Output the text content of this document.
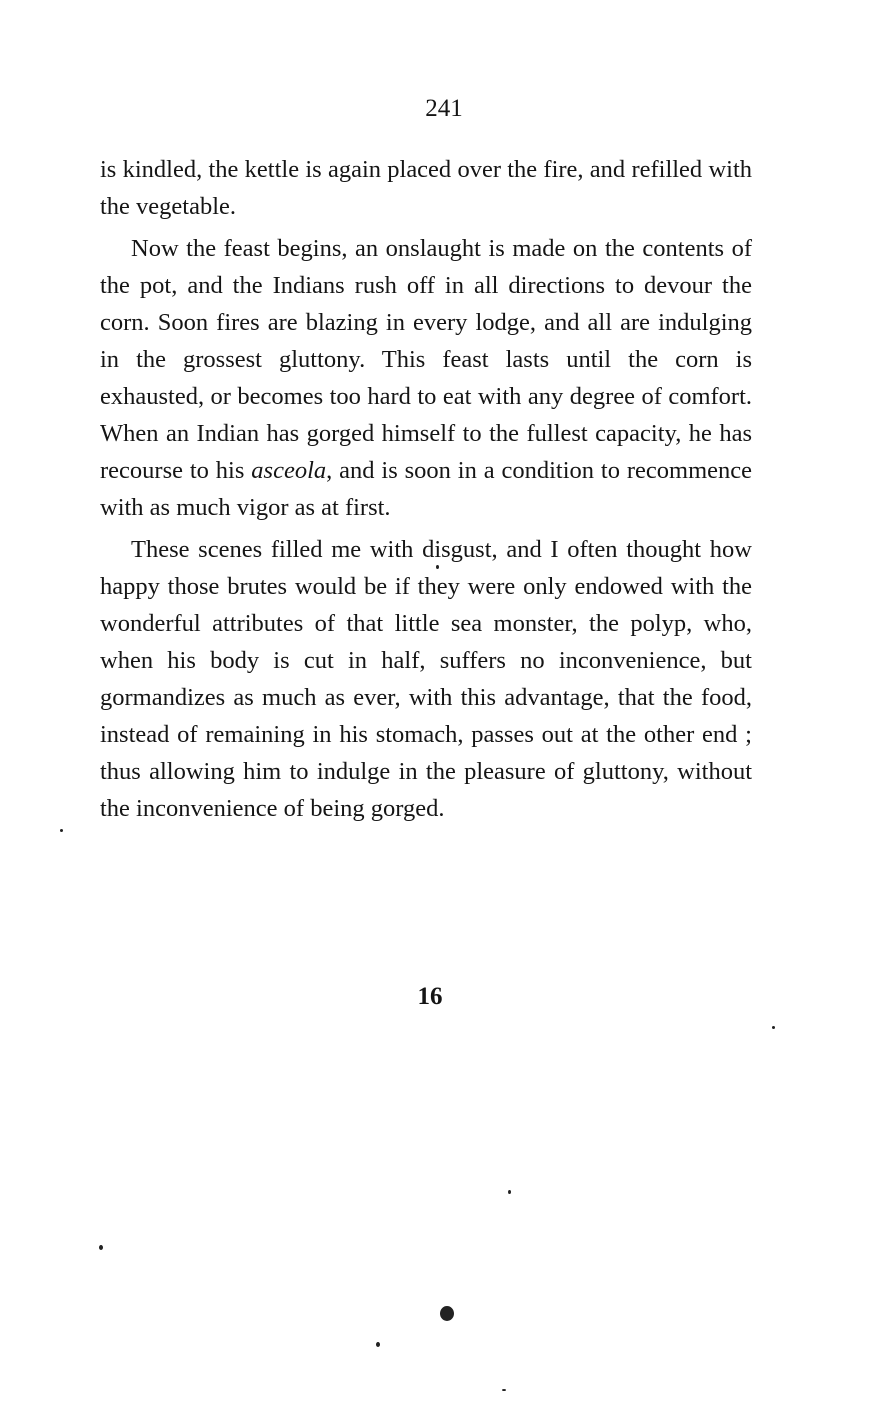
241

is kindled, the kettle is again placed over the fire, and refilled with the vegetable.

Now the feast begins, an onslaught is made on the contents of the pot, and the Indians rush off in all directions to devour the corn. Soon fires are blazing in every lodge, and all are indulging in the grossest gluttony. This feast lasts until the corn is exhausted, or becomes too hard to eat with any degree of comfort. When an Indian has gorged himself to the fullest capacity, he has recourse to his asceola, and is soon in a condition to recommence with as much vigor as at first.

These scenes filled me with disgust, and I often thought how happy those brutes would be if they were only endowed with the wonderful attributes of that little sea monster, the polyp, who, when his body is cut in half, suffers no inconvenience, but gormandizes as much as ever, with this advantage, that the food, instead of remaining in his stomach, passes out at the other end ; thus allowing him to indulge in the pleasure of gluttony, without the inconvenience of being gorged.

16
